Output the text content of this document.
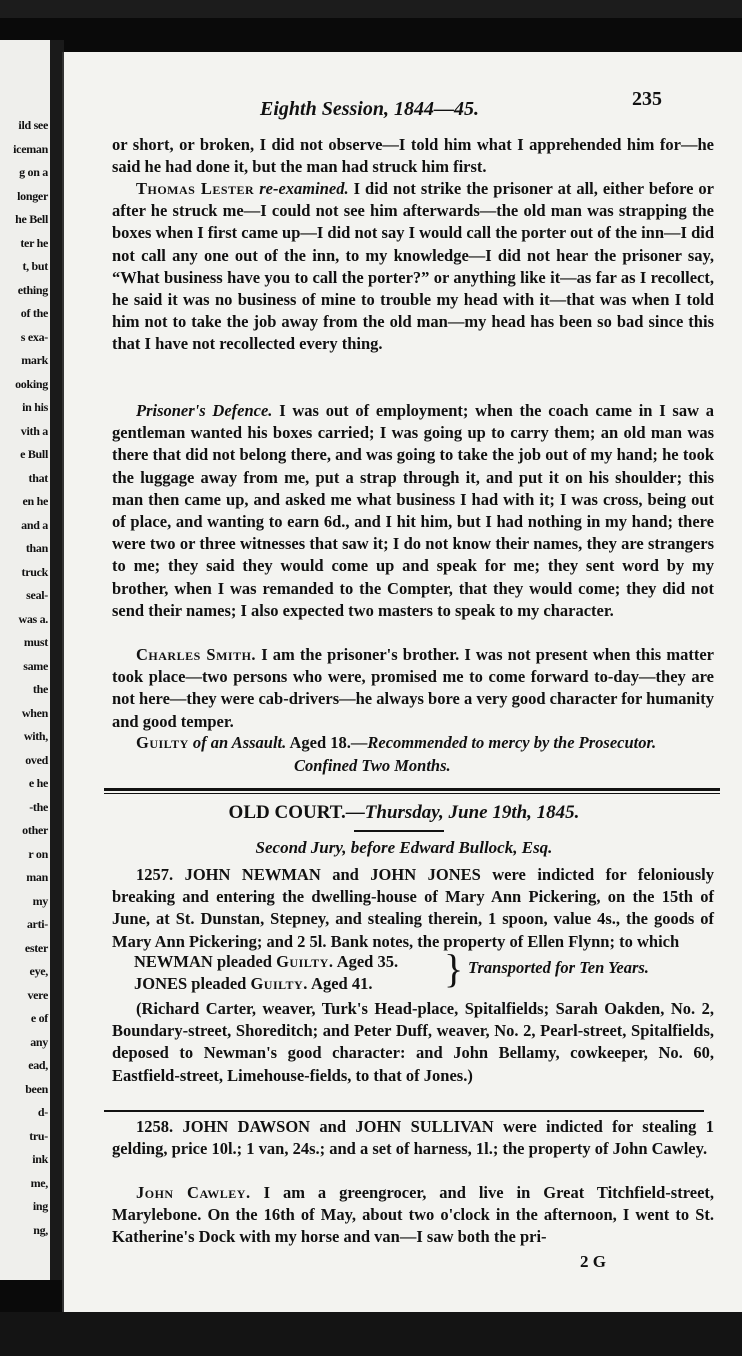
ild see
iceman
g on a
longer
he Bell
ter he
t, but
ething
of the
s exa-
mark
ooking
in his
vith a
e Bull
that
en he
and a
than
truck
seal-
was a.
must
same
the
when
with,
oved
e he
-the
other
r on
man
my
arti-
ester
eye,
vere
e of
any
ead,
been
d-
tru-
ink
me,
ing
ng,
Eighth Session, 1844—45.	235

or short, or broken, I did not observe—I told him what I apprehended him for—he said he had done it, but the man had struck him first.

Thomas Lester re-examined. I did not strike the prisoner at all, either before or after he struck me—I could not see him afterwards—the old man was strapping the boxes when I first came up—I did not say I would call the porter out of the inn—I did not call any one out of the inn, to my knowledge—I did not hear the prisoner say, “What business have you to call the porter?” or anything like it—as far as I recollect, he said it was no business of mine to trouble my head with it—that was when I told him not to take the job away from the old man—my head has been so bad since this that I have not recollected every thing.

Prisoner's Defence. I was out of employment; when the coach came in I saw a gentleman wanted his boxes carried; I was going up to carry them; an old man was there that did not belong there, and was going to take the job out of my hand; he took the luggage away from me, put a strap through it, and put it on his shoulder; this man then came up, and asked me what business I had with it; I was cross, being out of place, and wanting to earn 6d., and I hit him, but I had nothing in my hand; there were two or three witnesses that saw it; I do not know their names, they are strangers to me; they said they would come up and speak for me; they sent word by my brother, when I was remanded to the Compter, that they would come; they did not send their names; I also expected two masters to speak to my character.

Charles Smith. I am the prisoner's brother. I was not present when this matter took place—two persons who were, promised me to come forward to-day—they are not here—they were cab-drivers—he always bore a very good character for humanity and good temper.

Guilty of an Assault. Aged 18.—Recommended to mercy by the Prosecutor.

Confined Two Months.
OLD COURT.—Thursday, June 19th, 1845.
Second Jury, before Edward Bullock, Esq.

1257. JOHN NEWMAN and JOHN JONES were indicted for feloniously breaking and entering the dwelling-house of Mary Ann Pickering, on the 15th of June, at St. Dunstan, Stepney, and stealing therein, 1 spoon, value 4s., the goods of Mary Ann Pickering; and 2 5l. Bank notes, the property of Ellen Flynn; to which

NEWMAN pleaded Guilty. Aged 35.
JONES pleaded Guilty. Aged 41. } Transported for Ten Years.

(Richard Carter, weaver, Turk's Head-place, Spitalfields; Sarah Oakden, No. 2, Boundary-street, Shoreditch; and Peter Duff, weaver, No. 2, Pearl-street, Spitalfields, deposed to Newman's good character: and John Bellamy, cowkeeper, No. 60, Eastfield-street, Limehouse-fields, to that of Jones.)

1258. JOHN DAWSON and JOHN SULLIVAN were indicted for stealing 1 gelding, price 10l.; 1 van, 24s.; and a set of harness, 1l.; the property of John Cawley.

John Cawley. I am a greengrocer, and live in Great Titchfield-street, Marylebone. On the 16th of May, about two o'clock in the afternoon, I went to St. Katherine's Dock with my horse and van—I saw both the pri-

2 G
